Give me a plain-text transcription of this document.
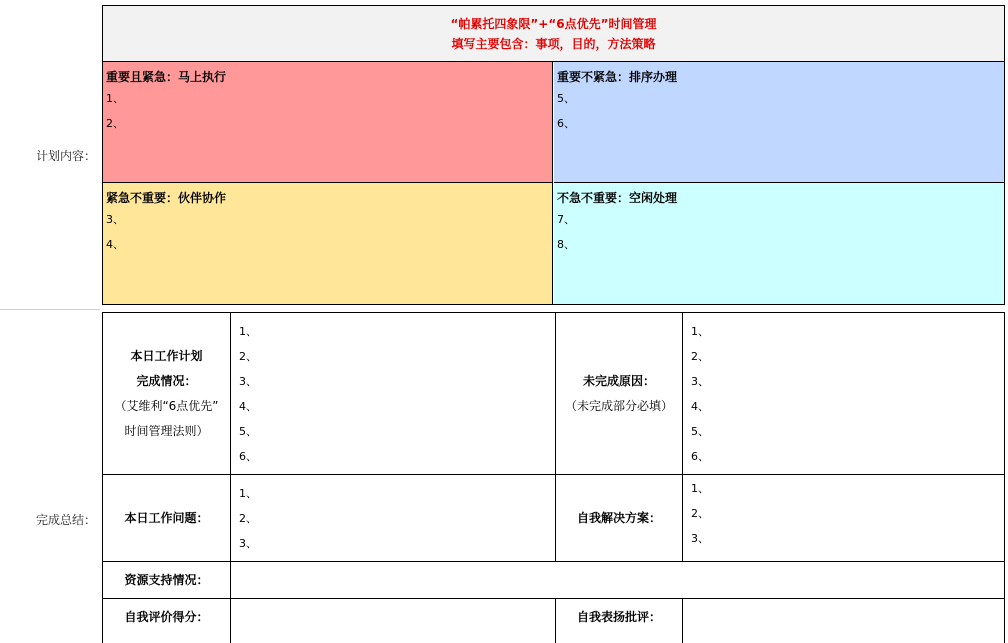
计划内容：
完成总结：
“帕累托四象限”+“6点优先”时间管理
填写主要包含：事项，目的，方法策略
重要且紧急：马上执行
1、
2、
重要不紧急：排序办理
5、
6、
紧急不重要：伙伴协作
3、
4、
不急不重要：空闲处理
7、
8、
本日工作计划
完成情况：
（艾维利“6点优先”
时间管理法则）
1、
2、
3、
4、
5、
6、
未完成原因：
（未完成部分必填）
1、
2、
3、
4、
5、
6、
本日工作问题：
1、
2、
3、
自我解决方案：
1、
2、
3、
资源支持情况：
自我评价得分：	自我表扬批评：
